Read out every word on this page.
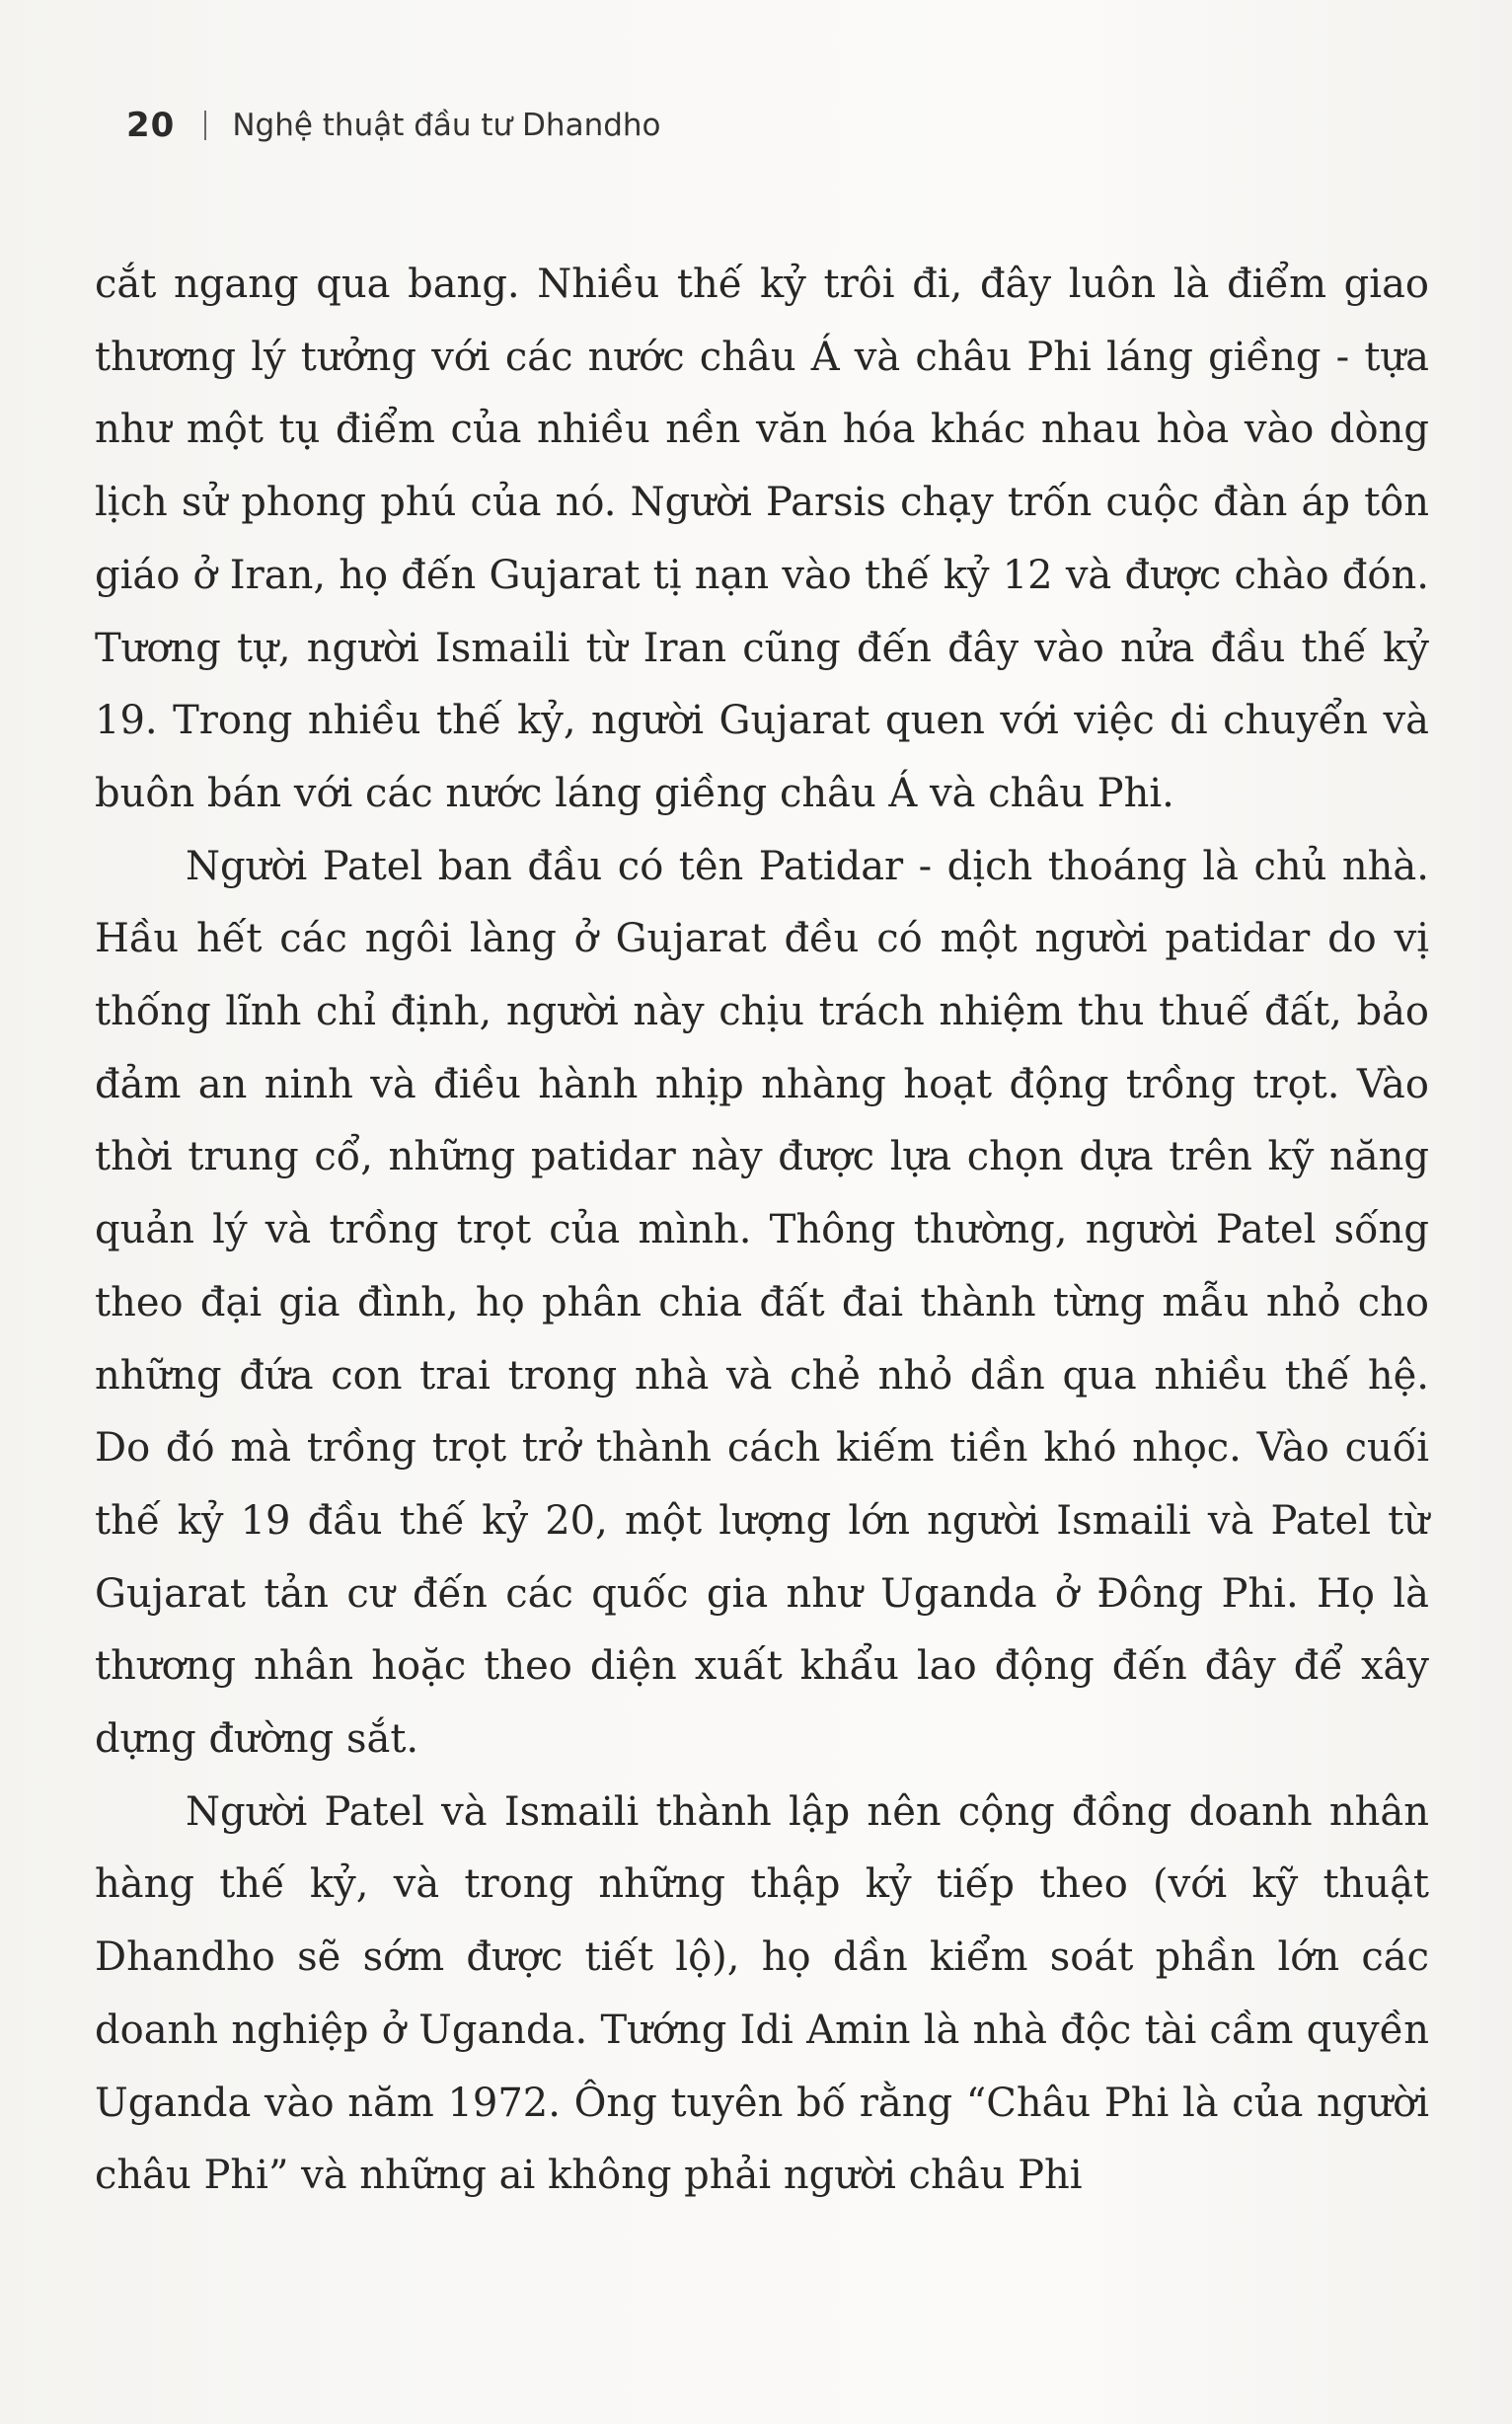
20 Nghệ thuật đầu tư Dhandho

cắt ngang qua bang. Nhiều thế kỷ trôi đi, đây luôn là điểm giao thương lý tưởng với các nước châu Á và châu Phi láng giềng - tựa như một tụ điểm của nhiều nền văn hóa khác nhau hòa vào dòng lịch sử phong phú của nó. Người Parsis chạy trốn cuộc đàn áp tôn giáo ở Iran, họ đến Gujarat tị nạn vào thế kỷ 12 và được chào đón. Tương tự, người Ismaili từ Iran cũng đến đây vào nửa đầu thế kỷ 19. Trong nhiều thế kỷ, người Gujarat quen với việc di chuyển và buôn bán với các nước láng giềng châu Á và châu Phi.

Người Patel ban đầu có tên Patidar - dịch thoáng là chủ nhà. Hầu hết các ngôi làng ở Gujarat đều có một người patidar do vị thống lĩnh chỉ định, người này chịu trách nhiệm thu thuế đất, bảo đảm an ninh và điều hành nhịp nhàng hoạt động trồng trọt. Vào thời trung cổ, những patidar này được lựa chọn dựa trên kỹ năng quản lý và trồng trọt của mình. Thông thường, người Patel sống theo đại gia đình, họ phân chia đất đai thành từng mẫu nhỏ cho những đứa con trai trong nhà và chẻ nhỏ dần qua nhiều thế hệ. Do đó mà trồng trọt trở thành cách kiếm tiền khó nhọc. Vào cuối thế kỷ 19 đầu thế kỷ 20, một lượng lớn người Ismaili và Patel từ Gujarat tản cư đến các quốc gia như Uganda ở Đông Phi. Họ là thương nhân hoặc theo diện xuất khẩu lao động đến đây để xây dựng đường sắt.

Người Patel và Ismaili thành lập nên cộng đồng doanh nhân hàng thế kỷ, và trong những thập kỷ tiếp theo (với kỹ thuật Dhandho sẽ sớm được tiết lộ), họ dần kiểm soát phần lớn các doanh nghiệp ở Uganda. Tướng Idi Amin là nhà độc tài cầm quyền Uganda vào năm 1972. Ông tuyên bố rằng “Châu Phi là của người châu Phi” và những ai không phải người châu Phi
